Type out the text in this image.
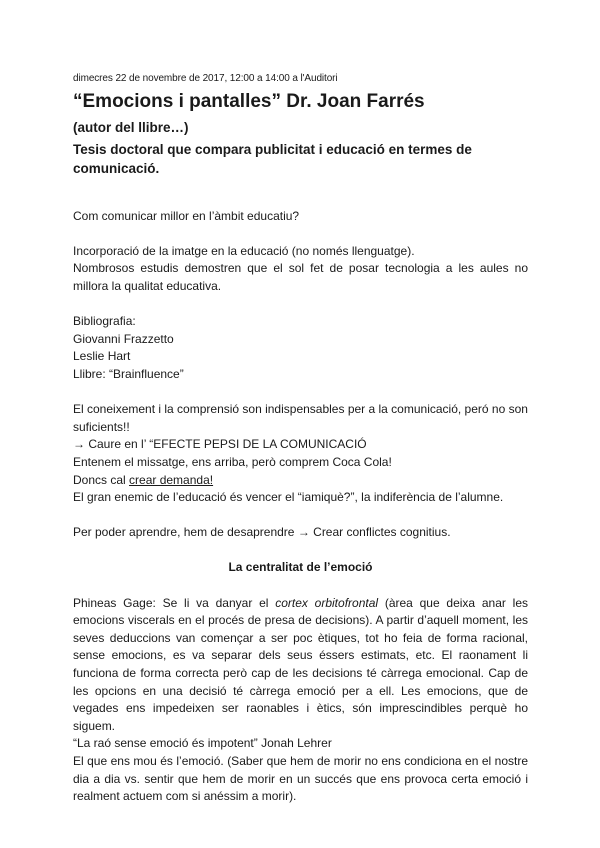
dimecres 22 de novembre de 2017, 12:00 a 14:00 a l'Auditori

“Emocions i pantalles” Dr. Joan Farrés
(autor del llibre…)
Tesis doctoral que compara publicitat i educació en termes de comunicació.

Com comunicar millor en l’àmbit educatiu?

Incorporació de la imatge en la educació (no només llenguatge).

Nombrosos estudis demostren que el sol fet de posar tecnologia a les aules no millora la qualitat educativa.

Bibliografia:

Giovanni Frazzetto

Leslie Hart

Llibre: “Brainfluence”

El coneixement i la comprensió son indispensables per a la comunicació, peró no son suficients!!

→ Caure en l’ “EFECTE PEPSI DE LA COMUNICACIÓ

Entenem el missatge, ens arriba, però comprem Coca Cola!

Doncs cal crear demanda!

El gran enemic de l’educació és vencer el “iamiquè?”, la indiferència de l’alumne.

Per poder aprendre, hem de desaprendre → Crear conflictes cognitius.

La centralitat de l’emoció

Phineas Gage: Se li va danyar el cortex orbitofrontal (àrea que deixa anar les emocions viscerals en el procés de presa de decisions). A partir d’aquell moment, les seves deduccions van començar a ser poc ètiques, tot ho feia de forma racional, sense emocions, es va separar dels seus éssers estimats, etc. El raonament li funciona de forma correcta però cap de les decisions té càrrega emocional. Cap de les opcions en una decisió té càrrega emoció per a ell. Les emocions, que de vegades ens impedeixen ser raonables i ètics, són imprescindibles perquè ho siguem.

“La raó sense emoció és impotent” Jonah Lehrer

El que ens mou és l’emoció. (Saber que hem de morir no ens condiciona en el nostre dia a dia vs. sentir que hem de morir en un succés que ens provoca certa emoció i realment actuem com si anéssim a morir).
